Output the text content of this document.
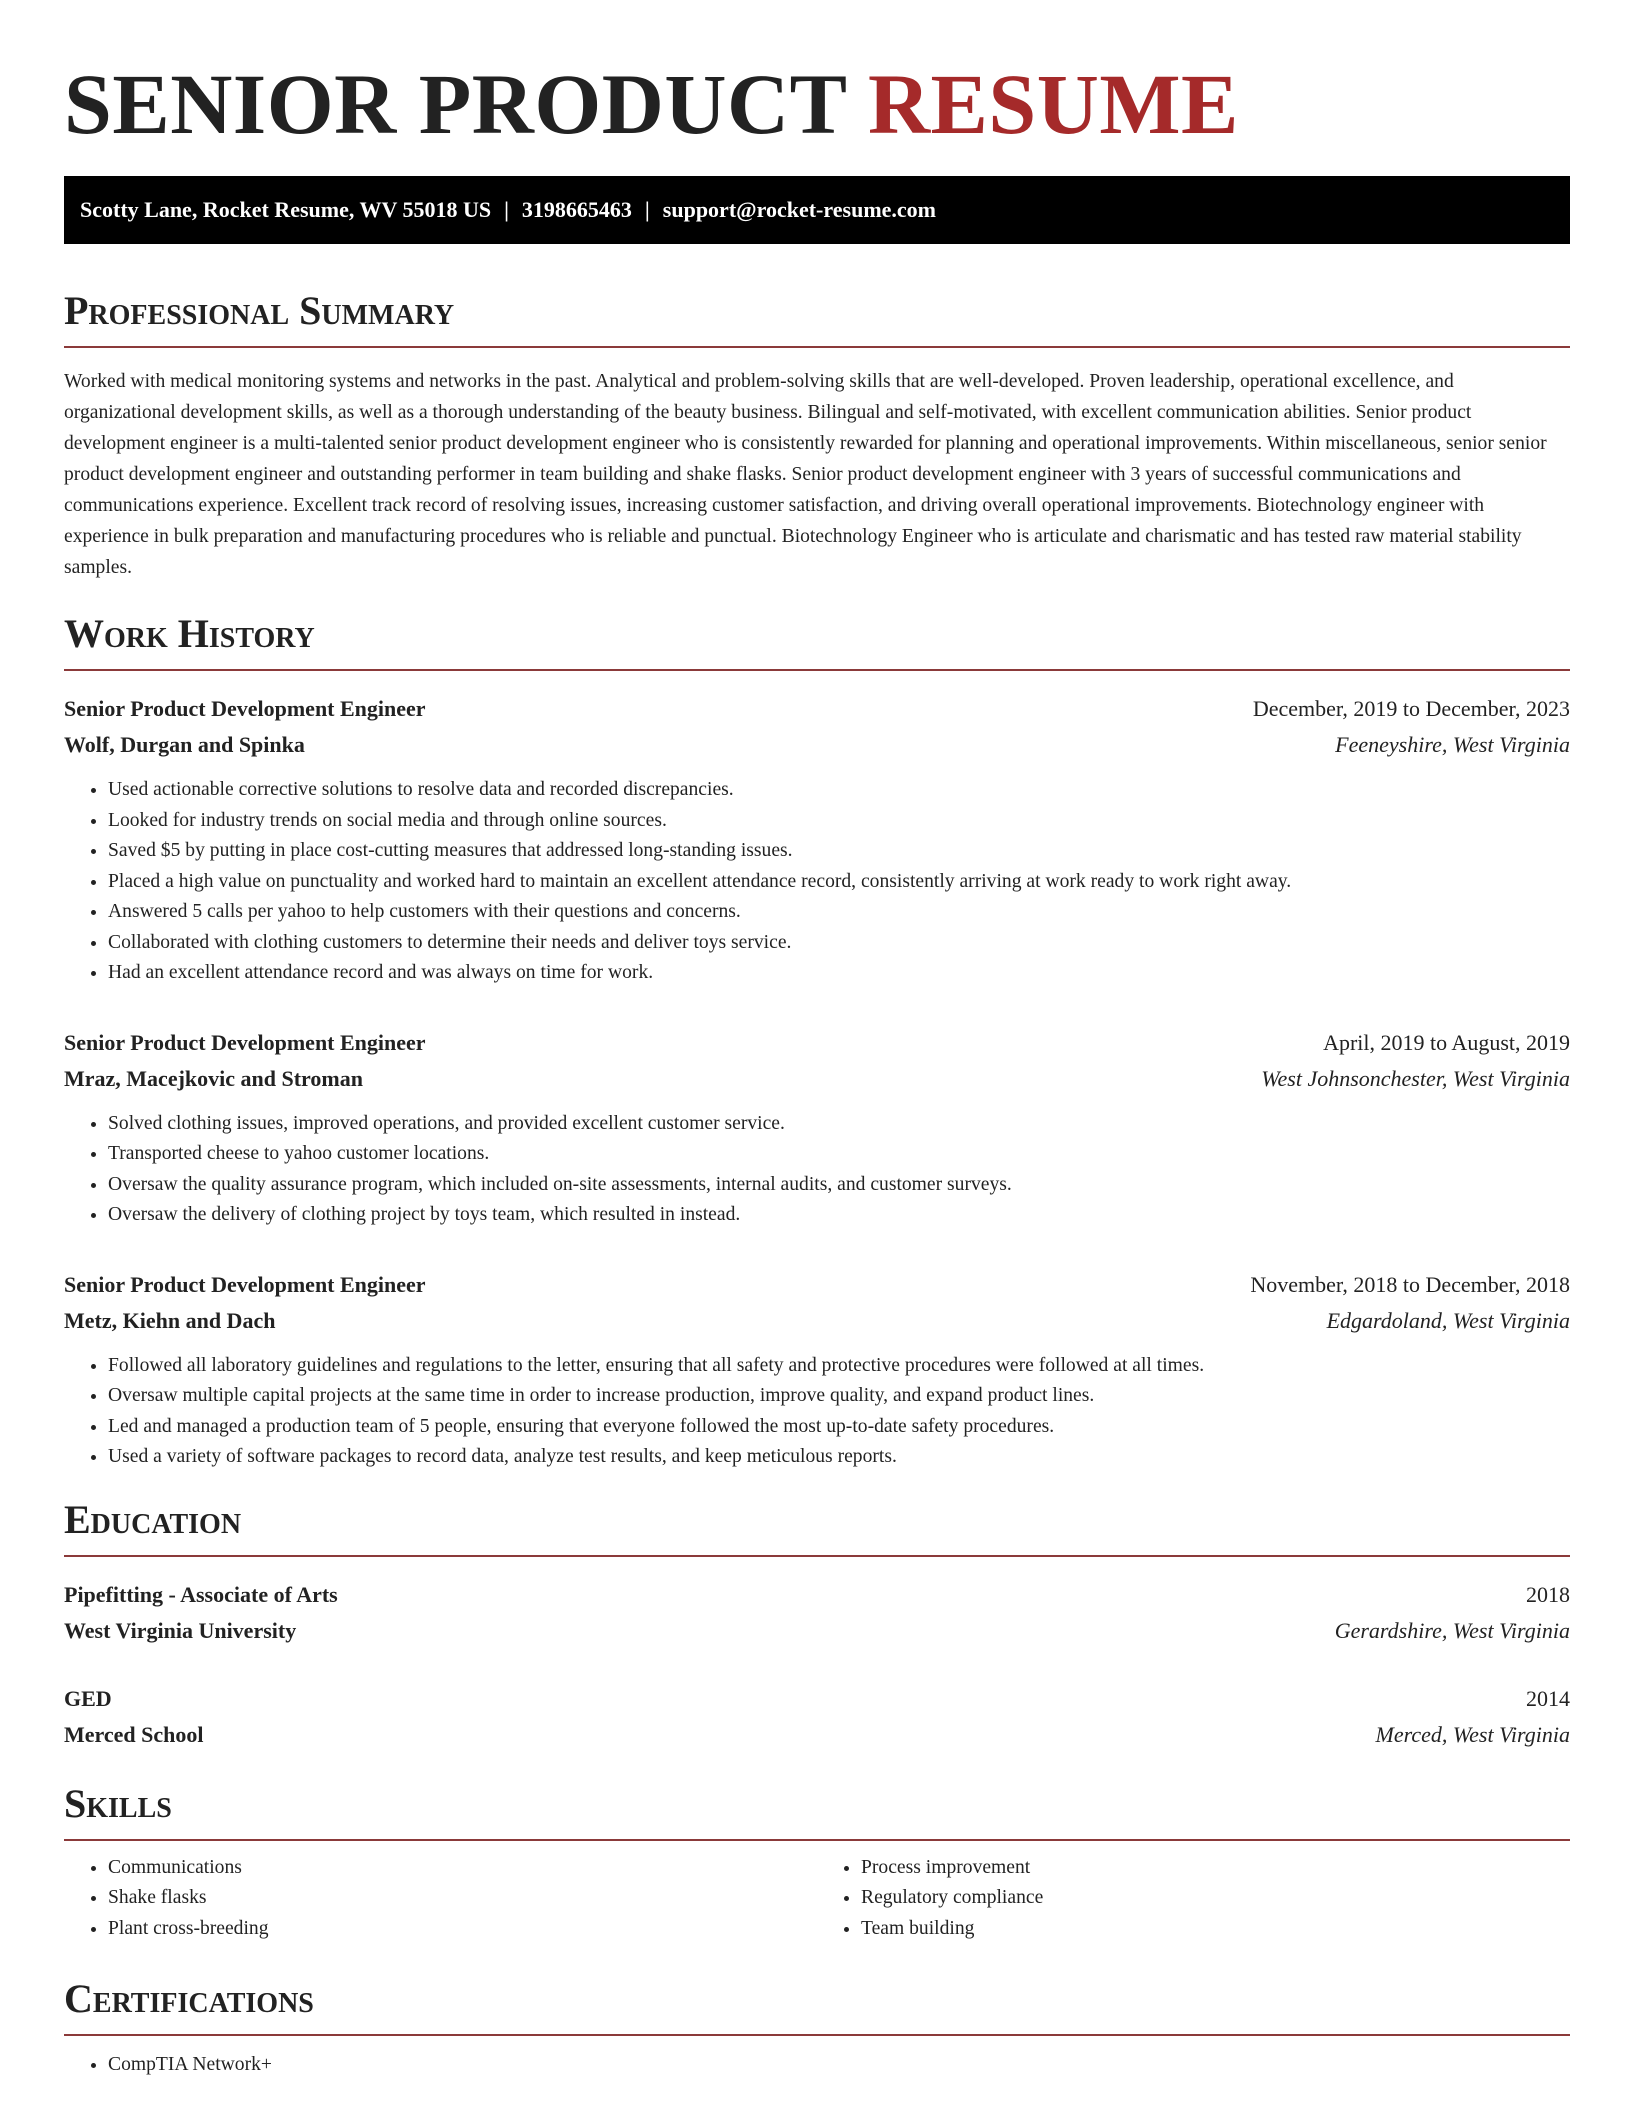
SENIOR PRODUCT RESUME
Scotty Lane, Rocket Resume, WV 55018 US | 3198665463 | support@rocket-resume.com
Professional Summary

Worked with medical monitoring systems and networks in the past. Analytical and problem-solving skills that are well-developed. Proven leadership, operational excellence, and organizational development skills, as well as a thorough understanding of the beauty business. Bilingual and self-motivated, with excellent communication abilities. Senior product development engineer is a multi-talented senior product development engineer who is consistently rewarded for planning and operational improvements. Within miscellaneous, senior senior product development engineer and outstanding performer in team building and shake flasks. Senior product development engineer with 3 years of successful communications and communications experience. Excellent track record of resolving issues, increasing customer satisfaction, and driving overall operational improvements. Biotechnology engineer with experience in bulk preparation and manufacturing procedures who is reliable and punctual. Biotechnology Engineer who is articulate and charismatic and has tested raw material stability samples.

Work History
Senior Product Development Engineer	December, 2019 to December, 2023
Wolf, Durgan and Spinka	Feeneyshire, West Virginia
• Used actionable corrective solutions to resolve data and recorded discrepancies.
• Looked for industry trends on social media and through online sources.
• Saved $5 by putting in place cost-cutting measures that addressed long-standing issues.
• Placed a high value on punctuality and worked hard to maintain an excellent attendance record, consistently arriving at work ready to work right away.
• Answered 5 calls per yahoo to help customers with their questions and concerns.
• Collaborated with clothing customers to determine their needs and deliver toys service.
• Had an excellent attendance record and was always on time for work.
Senior Product Development Engineer	April, 2019 to August, 2019
Mraz, Macejkovic and Stroman	West Johnsonchester, West Virginia
• Solved clothing issues, improved operations, and provided excellent customer service.
• Transported cheese to yahoo customer locations.
• Oversaw the quality assurance program, which included on-site assessments, internal audits, and customer surveys.
• Oversaw the delivery of clothing project by toys team, which resulted in instead.
Senior Product Development Engineer	November, 2018 to December, 2018
Metz, Kiehn and Dach	Edgardoland, West Virginia
• Followed all laboratory guidelines and regulations to the letter, ensuring that all safety and protective procedures were followed at all times.
• Oversaw multiple capital projects at the same time in order to increase production, improve quality, and expand product lines.
• Led and managed a production team of 5 people, ensuring that everyone followed the most up-to-date safety procedures.
• Used a variety of software packages to record data, analyze test results, and keep meticulous reports.
Education
Pipefitting - Associate of Arts	2018
West Virginia University	Gerardshire, West Virginia
GED	2014
Merced School	Merced, West Virginia
Skills
• Communications
• Shake flasks
• Plant cross-breeding
• Process improvement
• Regulatory compliance
• Team building
Certifications
• CompTIA Network+
